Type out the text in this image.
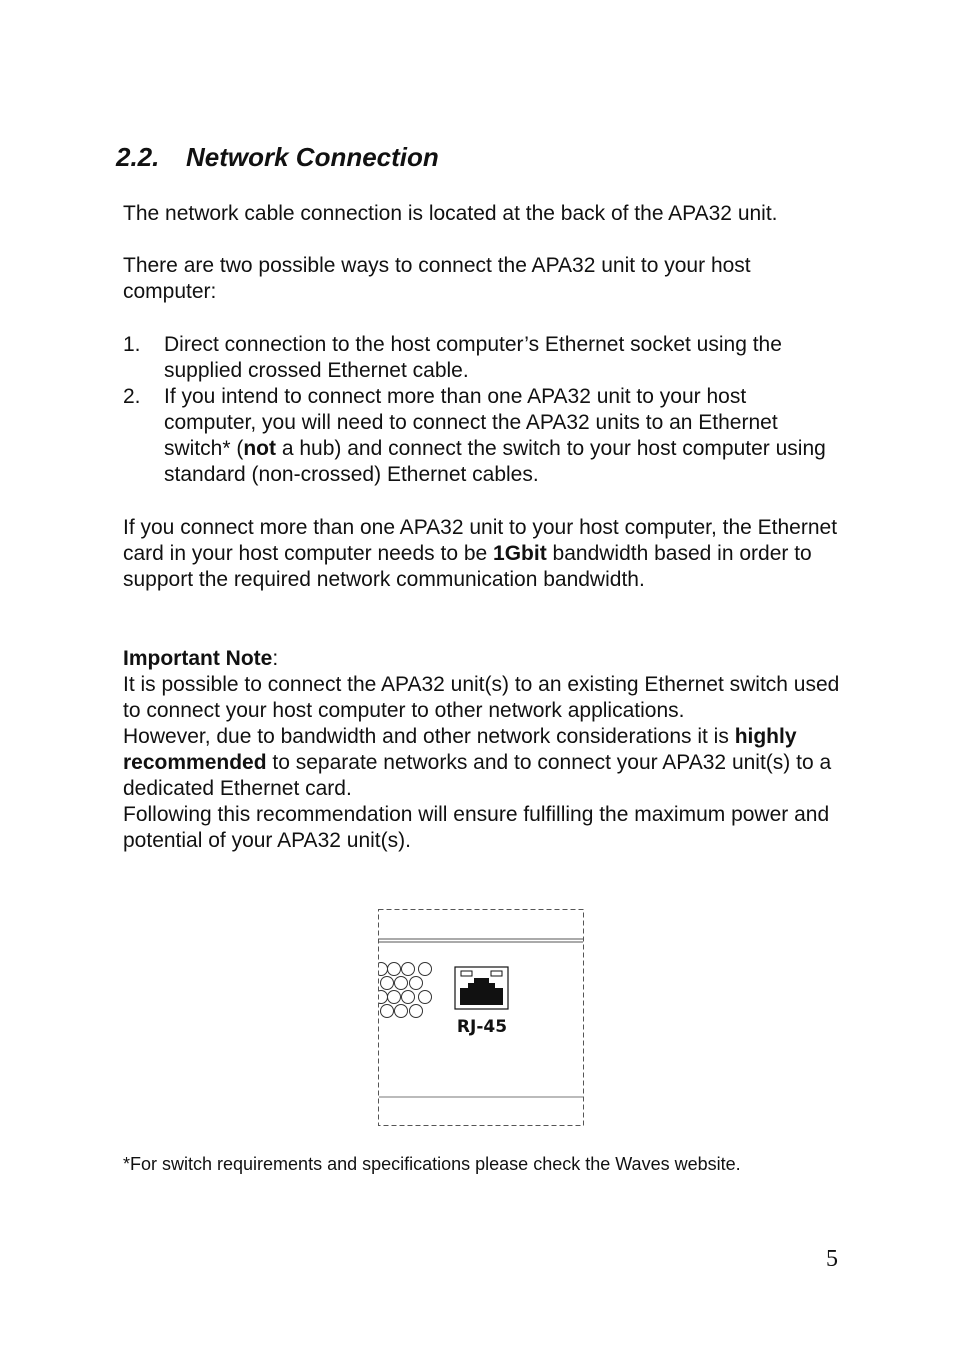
2.2. Network Connection

The network cable connection is located at the back of the APA32 unit.

There are two possible ways to connect the APA32 unit to your host computer:

1. Direct connection to the host computer’s Ethernet socket using the supplied crossed Ethernet cable.
2. If you intend to connect more than one APA32 unit to your host computer, you will need to connect the APA32 units to an Ethernet switch* (not a hub) and connect the switch to your host computer using standard (non-crossed) Ethernet cables.

If you connect more than one APA32 unit to your host computer, the Ethernet card in your host computer needs to be 1Gbit bandwidth based in order to support the required network communication bandwidth.

Important Note:
It is possible to connect the APA32 unit(s) to an existing Ethernet switch used to connect your host computer to other network applications.
However, due to bandwidth and other network considerations it is highly recommended to separate networks and to connect your APA32 unit(s) to a dedicated Ethernet card.
Following this recommendation will ensure fulfilling the maximum power and potential of your APA32 unit(s).
RJ-45

*For switch requirements and specifications please check the Waves website.

5
